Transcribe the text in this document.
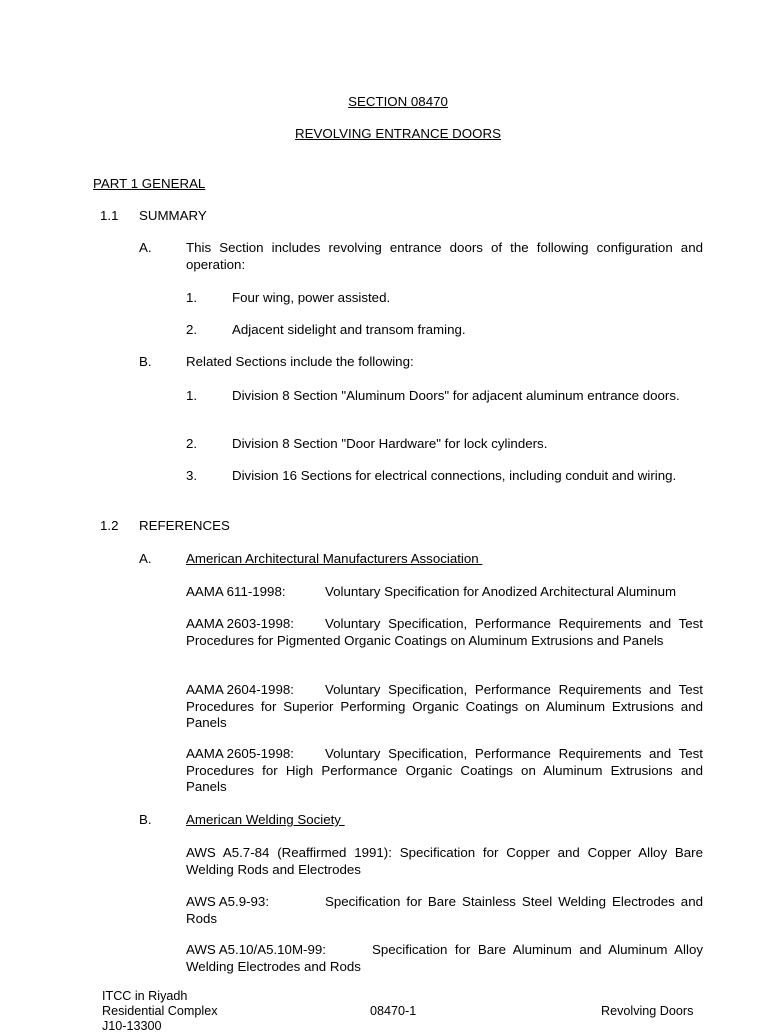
SECTION 08470
REVOLVING ENTRANCE DOORS
PART 1 GENERAL
1.1 SUMMARY
A.	This Section includes revolving entrance doors of the following configuration and operation:
1.	Four wing, power assisted.
2.	Adjacent sidelight and transom framing.
B.	Related Sections include the following:
1.	Division 8 Section "Aluminum Doors" for adjacent aluminum entrance doors.
2.	Division 8 Section "Door Hardware" for lock cylinders.
3.	Division 16 Sections for electrical connections, including conduit and wiring.
1.2 REFERENCES
A.	American Architectural Manufacturers Association
AAMA 611-1998:	Voluntary Specification for Anodized Architectural Aluminum
AAMA 2603-1998: Voluntary Specification, Performance Requirements and Test Procedures for Pigmented Organic Coatings on Aluminum Extrusions and Panels
AAMA 2604-1998: Voluntary Specification, Performance Requirements and Test Procedures for Superior Performing Organic Coatings on Aluminum Extrusions and Panels
AAMA 2605-1998: Voluntary Specification, Performance Requirements and Test Procedures for High Performance Organic Coatings on Aluminum Extrusions and Panels
B.	American Welding Society
AWS A5.7-84 (Reaffirmed 1991): Specification for Copper and Copper Alloy Bare Welding Rods and Electrodes
AWS A5.9-93:	Specification for Bare Stainless Steel Welding Electrodes and Rods
AWS A5.10/A5.10M-99:	Specification for Bare Aluminum and Aluminum Alloy Welding Electrodes and Rods
ITCC in Riyadh
Residential Complex
J10-13300
08470-1	Revolving Doors
